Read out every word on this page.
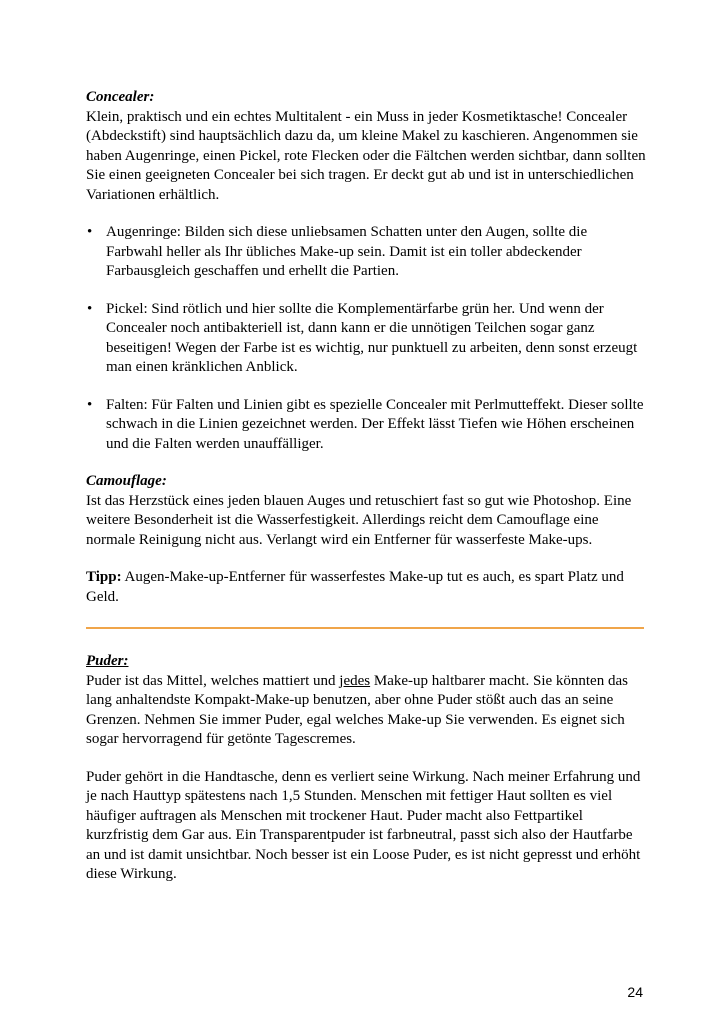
Concealer:

Klein, praktisch und ein echtes Multitalent - ein Muss in jeder Kosmetiktasche! Concealer (Abdeckstift) sind hauptsächlich dazu da, um kleine Makel zu kaschieren. Angenommen sie haben Augenringe, einen Pickel, rote Flecken oder die Fältchen werden sichtbar, dann sollten Sie einen geeigneten Concealer bei sich tragen. Er deckt gut ab und ist in unterschiedlichen Variationen erhältlich.

• Augenringe: Bilden sich diese unliebsamen Schatten unter den Augen, sollte die Farbwahl heller als Ihr übliches Make-up sein. Damit ist ein toller abdeckender Farbausgleich geschaffen und erhellt die Partien.
• Pickel: Sind rötlich und hier sollte die Komplementärfarbe grün her. Und wenn der Concealer noch antibakteriell ist, dann kann er die unnötigen Teilchen sogar ganz beseitigen! Wegen der Farbe ist es wichtig, nur punktuell zu arbeiten, denn sonst erzeugt man einen kränklichen Anblick.
• Falten: Für Falten und Linien gibt es spezielle Concealer mit Perlmutteffekt. Dieser sollte schwach in die Linien gezeichnet werden. Der Effekt lässt Tiefen wie Höhen erscheinen und die Falten werden unauffälliger.
Camouflage:

Ist das Herzstück eines jeden blauen Auges und retuschiert fast so gut wie Photoshop. Eine weitere Besonderheit ist die Wasserfestigkeit. Allerdings reicht dem Camouflage eine normale Reinigung nicht aus. Verlangt wird ein Entferner für wasserfeste Make-ups.

Tipp: Augen-Make-up-Entferner für wasserfestes Make-up tut es auch, es spart Platz und Geld.

Puder:

Puder ist das Mittel, welches mattiert und jedes Make-up haltbarer macht. Sie könnten das lang anhaltendste Kompakt-Make-up benutzen, aber ohne Puder stößt auch das an seine Grenzen. Nehmen Sie immer Puder, egal welches Make-up Sie verwenden. Es eignet sich sogar hervorragend für getönte Tagescremes.

Puder gehört in die Handtasche, denn es verliert seine Wirkung. Nach meiner Erfahrung und je nach Hauttyp spätestens nach 1,5 Stunden. Menschen mit fettiger Haut sollten es viel häufiger auftragen als Menschen mit trockener Haut. Puder macht also Fettpartikel kurzfristig dem Gar aus. Ein Transparentpuder ist farbneutral, passt sich also der Hautfarbe an und ist damit unsichtbar. Noch besser ist ein Loose Puder, es ist nicht gepresst und erhöht diese Wirkung.

24
